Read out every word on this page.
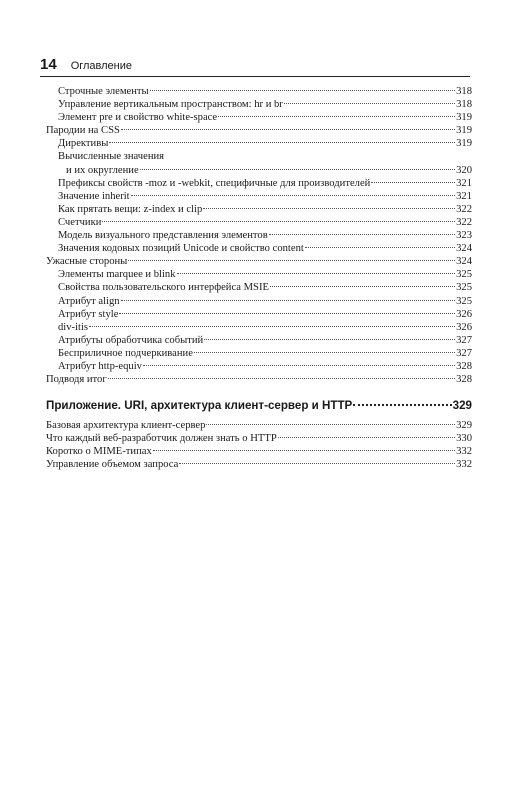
14 Оглавление
Строчные элементы	318
Управление вертикальным пространством: hr и br	318
Элемент pre и свойство white-space	319
Пародии на CSS	319
Директивы	319
Вычисленные значения
и их округление	320
Префиксы свойств -moz и -webkit, специфичные для производителей	321
Значение inherit	321
Как прятать вещи: z-index и clip	322
Счетчики	322
Модель визуального представления элементов	323
Значения кодовых позиций Unicode и свойство content	324
Ужасные стороны	324
Элементы marquee и blink	325
Свойства пользовательского интерфейса MSIE	325
Атрибут align	325
Атрибут style	326
div-itis	326
Атрибуты обработчика событий	327
Бесприличное подчеркивание	327
Атрибут http-equiv	328
Подводя итог	328
Приложение. URI, архитектура клиент-сервер и HTTP	329
Базовая архитектура клиент-сервер	329
Что каждый веб-разработчик должен знать о HTTP	330
Коротко о MIME-типах	332
Управление объемом запроса	332
